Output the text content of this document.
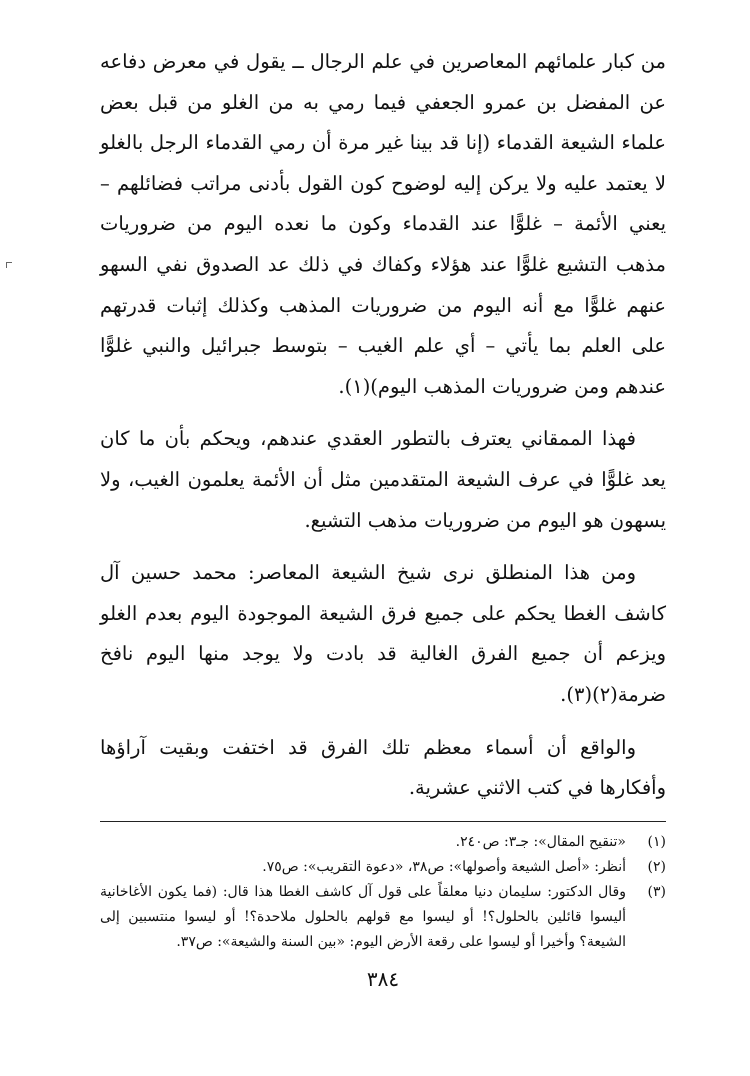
من كبار علمائهم المعاصرين في علم الرجال ــ يقول في معرض دفاعه عن المفضل بن عمرو الجعفي فيما رمي به من الغلو من قبل بعض علماء الشيعة القدماء (إنا قد بينا غير مرة أن رمي القدماء الرجل بالغلو لا يعتمد عليه ولا يركن إليه لوضوح كون القول بأدنى مراتب فضائلهم – يعني الأئمة – غلوًّا عند القدماء وكون ما نعده اليوم من ضروريات مذهب التشيع غلوًّا عند هؤلاء وكفاك في ذلك عد الصدوق نفي السهو عنهم غلوًّا مع أنه اليوم من ضروريات المذهب وكذلك إثبات قدرتهم على العلم بما يأتي – أي علم الغيب – بتوسط جبرائيل والنبي غلوًّا عندهم ومن ضروريات المذهب اليوم)(١).

فهذا الممقاني يعترف بالتطور العقدي عندهم، ويحكم بأن ما كان يعد غلوًّا في عرف الشيعة المتقدمين مثل أن الأئمة يعلمون الغيب، ولا يسهون هو اليوم من ضروريات مذهب التشيع.

ومن هذا المنطلق نرى شيخ الشيعة المعاصر: محمد حسين آل كاشف الغطا يحكم على جميع فرق الشيعة الموجودة اليوم بعدم الغلو ويزعم أن جميع الفرق الغالية قد بادت ولا يوجد منها اليوم نافخ ضرمة(٢)(٣).

والواقع أن أسماء معظم تلك الفرق قد اختفت وبقيت آراؤها وأفكارها في كتب الاثني عشرية.

(١)
«تنقيح المقال»: جـ٣: ص٢٤٠.
(٢)
أنظر: «أصل الشيعة وأصولها»: ص٣٨، «دعوة التقريب»: ص٧٥.
(٣)
وقال الدكتور: سليمان دنيا معلقاً على قول آل كاشف الغطا هذا قال: (فما يكون الأغاخانية أليسوا قائلين بالحلول؟! أو ليسوا مع قولهم بالحلول ملاحدة؟! أو ليسوا منتسبين إلى الشيعة؟ وأخيرا أو ليسوا على رقعة الأرض اليوم: «بين السنة والشيعة»: ص٣٧.
٣٨٤
